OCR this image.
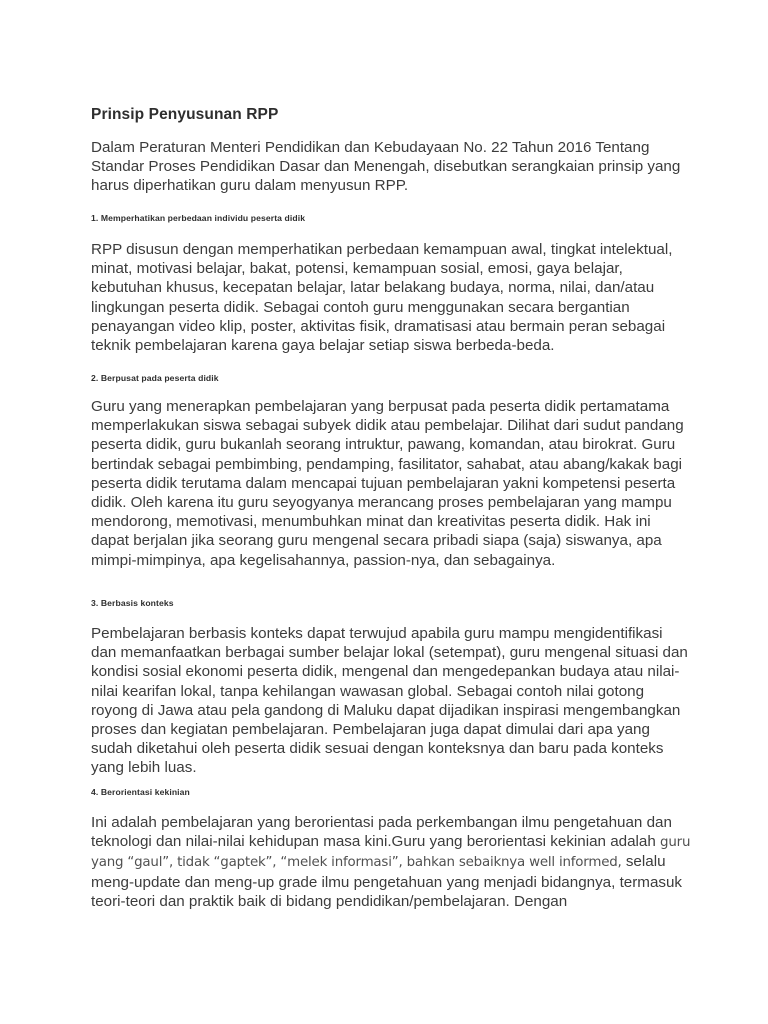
Prinsip Penyusunan RPP

Dalam Peraturan Menteri Pendidikan dan Kebudayaan No. 22 Tahun 2016 Tentang Standar Proses Pendidikan Dasar dan Menengah, disebutkan serangkaian prinsip yang harus diperhatikan guru dalam menyusun RPP.

1. Memperhatikan perbedaan individu peserta didik

RPP disusun dengan memperhatikan perbedaan kemampuan awal, tingkat intelektual, minat, motivasi belajar, bakat, potensi, kemampuan sosial, emosi, gaya belajar, kebutuhan khusus, kecepatan belajar, latar belakang budaya, norma, nilai, dan/atau lingkungan peserta didik. Sebagai contoh guru menggunakan secara bergantian penayangan video klip, poster, aktivitas fisik, dramatisasi atau bermain peran sebagai teknik pembelajaran karena gaya belajar setiap siswa berbeda-beda.

2. Berpusat pada peserta didik

Guru yang menerapkan pembelajaran yang berpusat pada peserta didik pertamatama memperlakukan siswa sebagai subyek didik atau pembelajar. Dilihat dari sudut pandang peserta didik, guru bukanlah seorang intruktur, pawang, komandan, atau birokrat. Guru bertindak sebagai pembimbing, pendamping, fasilitator, sahabat, atau abang/kakak bagi peserta didik terutama dalam mencapai tujuan pembelajaran yakni kompetensi peserta didik. Oleh karena itu guru seyogyanya merancang proses pembelajaran yang mampu mendorong, memotivasi, menumbuhkan minat dan kreativitas peserta didik. Hak ini dapat berjalan jika seorang guru mengenal secara pribadi siapa (saja) siswanya, apa mimpi-mimpinya, apa kegelisahannya, passion-nya, dan sebagainya.

3. Berbasis konteks

Pembelajaran berbasis konteks dapat terwujud apabila guru mampu mengidentifikasi dan memanfaatkan berbagai sumber belajar lokal (setempat), guru mengenal situasi dan kondisi sosial ekonomi peserta didik, mengenal dan mengedepankan budaya atau nilai-nilai kearifan lokal, tanpa kehilangan wawasan global. Sebagai contoh nilai gotong royong di Jawa atau pela gandong di Maluku dapat dijadikan inspirasi mengembangkan proses dan kegiatan pembelajaran. Pembelajaran juga dapat dimulai dari apa yang sudah diketahui oleh peserta didik sesuai dengan konteksnya dan baru pada konteks yang lebih luas.

4. Berorientasi kekinian

Ini adalah pembelajaran yang berorientasi pada perkembangan ilmu pengetahuan dan teknologi dan nilai-nilai kehidupan masa kini.Guru yang berorientasi kekinian adalah guru yang “gaul”, tidak “gaptek”, “melek informasi”, bahkan sebaiknya well informed, selalu meng-update dan meng-up grade ilmu pengetahuan yang menjadi bidangnya, termasuk teori-teori dan praktik baik di bidang pendidikan/pembelajaran. Dengan
